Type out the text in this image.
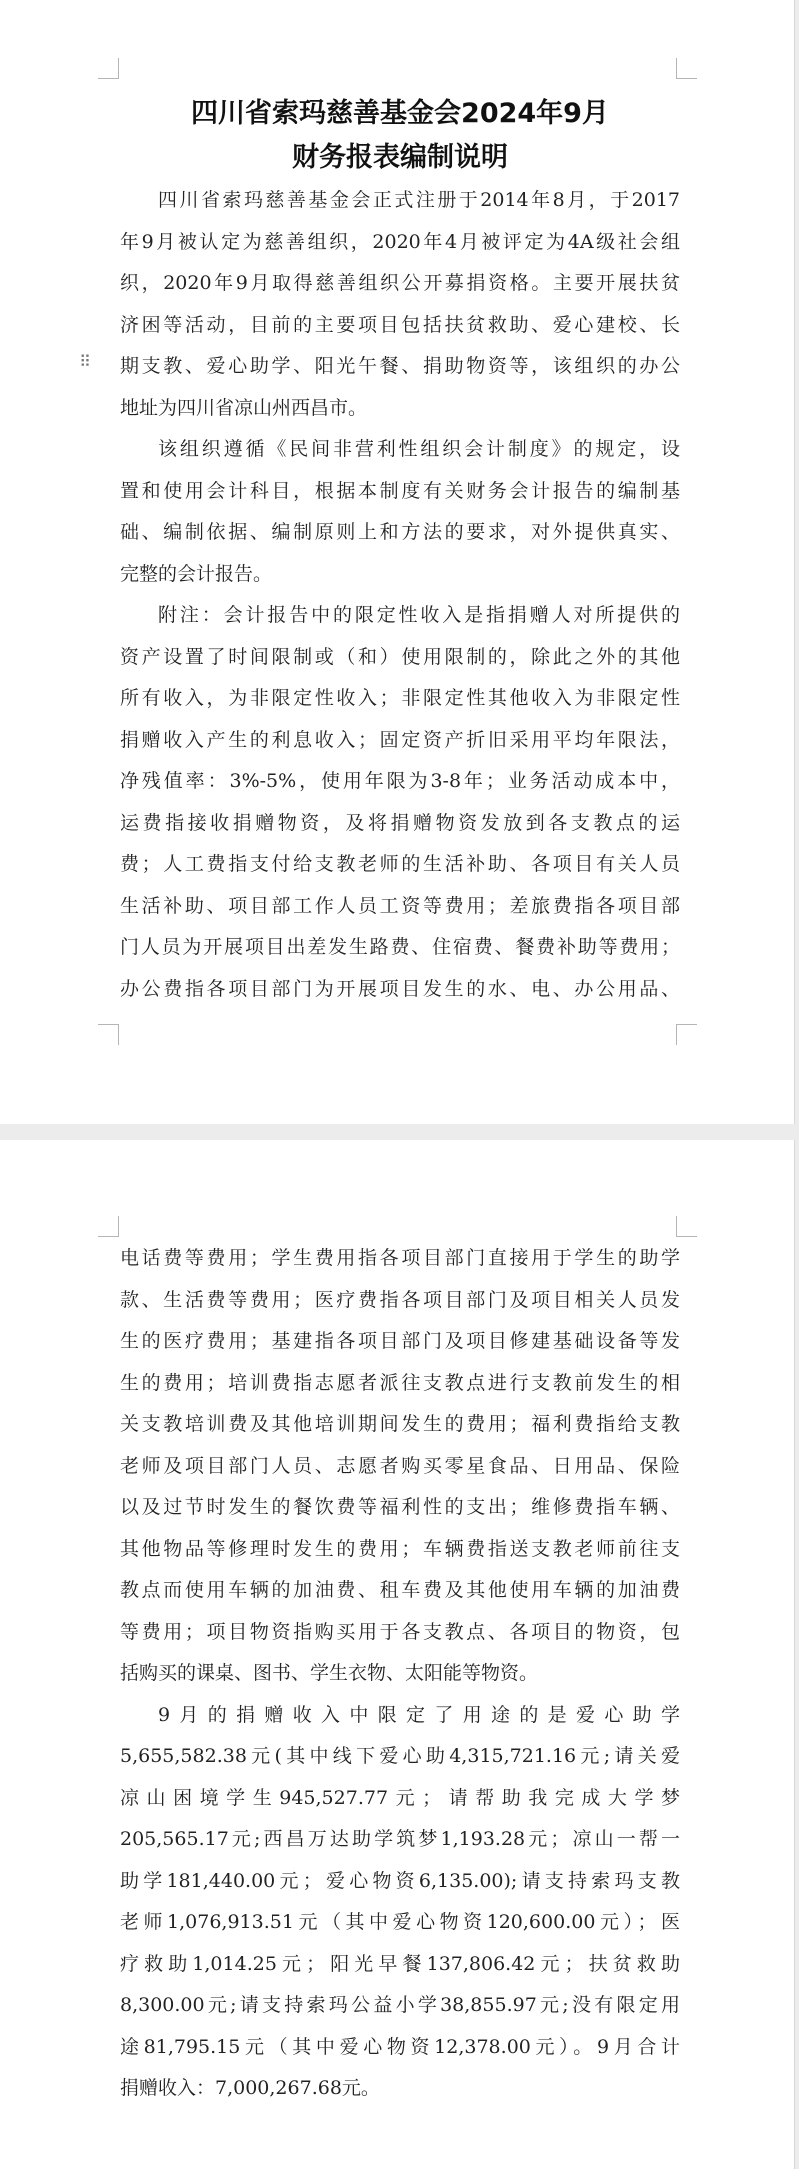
四川省索玛慈善基金会2024年9月
财务报表编制说明
四川省索玛慈善基金会正式注册于2014年8月，于2017
年9月被认定为慈善组织，2020年4月被评定为4A级社会组
织，2020年9月取得慈善组织公开募捐资格。主要开展扶贫
济困等活动，目前的主要项目包括扶贫救助、爱心建校、长
期支教、爱心助学、阳光午餐、捐助物资等，该组织的办公
地址为四川省凉山州西昌市。
该组织遵循《民间非营利性组织会计制度》的规定，设
置和使用会计科目，根据本制度有关财务会计报告的编制基
础、编制依据、编制原则上和方法的要求，对外提供真实、
完整的会计报告。
附注：会计报告中的限定性收入是指捐赠人对所提供的
资产设置了时间限制或（和）使用限制的，除此之外的其他
所有收入，为非限定性收入；非限定性其他收入为非限定性
捐赠收入产生的利息收入；固定资产折旧采用平均年限法，
净残值率：3%-5%，使用年限为3-8年；业务活动成本中，
运费指接收捐赠物资，及将捐赠物资发放到各支教点的运
费；人工费指支付给支教老师的生活补助、各项目有关人员
生活补助、项目部工作人员工资等费用；差旅费指各项目部
门人员为开展项目出差发生路费、住宿费、餐费补助等费用；
办公费指各项目部门为开展项目发生的水、电、办公用品、
⠿
电话费等费用；学生费用指各项目部门直接用于学生的助学
款、生活费等费用；医疗费指各项目部门及项目相关人员发
生的医疗费用；基建指各项目部门及项目修建基础设备等发
生的费用；培训费指志愿者派往支教点进行支教前发生的相
关支教培训费及其他培训期间发生的费用；福利费指给支教
老师及项目部门人员、志愿者购买零星食品、日用品、保险
以及过节时发生的餐饮费等福利性的支出；维修费指车辆、
其他物品等修理时发生的费用；车辆费指送支教老师前往支
教点而使用车辆的加油费、租车费及其他使用车辆的加油费
等费用；项目物资指购买用于各支教点、各项目的物资，包
括购买的课桌、图书、学生衣物、太阳能等物资。
9月的捐赠收入中限定了用途的是爱心助学
5,655,582.38元(其中线下爱心助4,315,721.16元;请关爱
凉山困境学生945,527.77元；请帮助我完成大学梦
205,565.17元;西昌万达助学筑梦1,193.28元；凉山一帮一
助学181,440.00元；爱心物资6,135.00);请支持索玛支教
老师1,076,913.51元（其中爱心物资120,600.00元）；医
疗救助1,014.25元；阳光早餐137,806.42元；扶贫救助
8,300.00元;请支持索玛公益小学38,855.97元;没有限定用
途81,795.15元（其中爱心物资12,378.00元）。9月合计
捐赠收入：7,000,267.68元。
